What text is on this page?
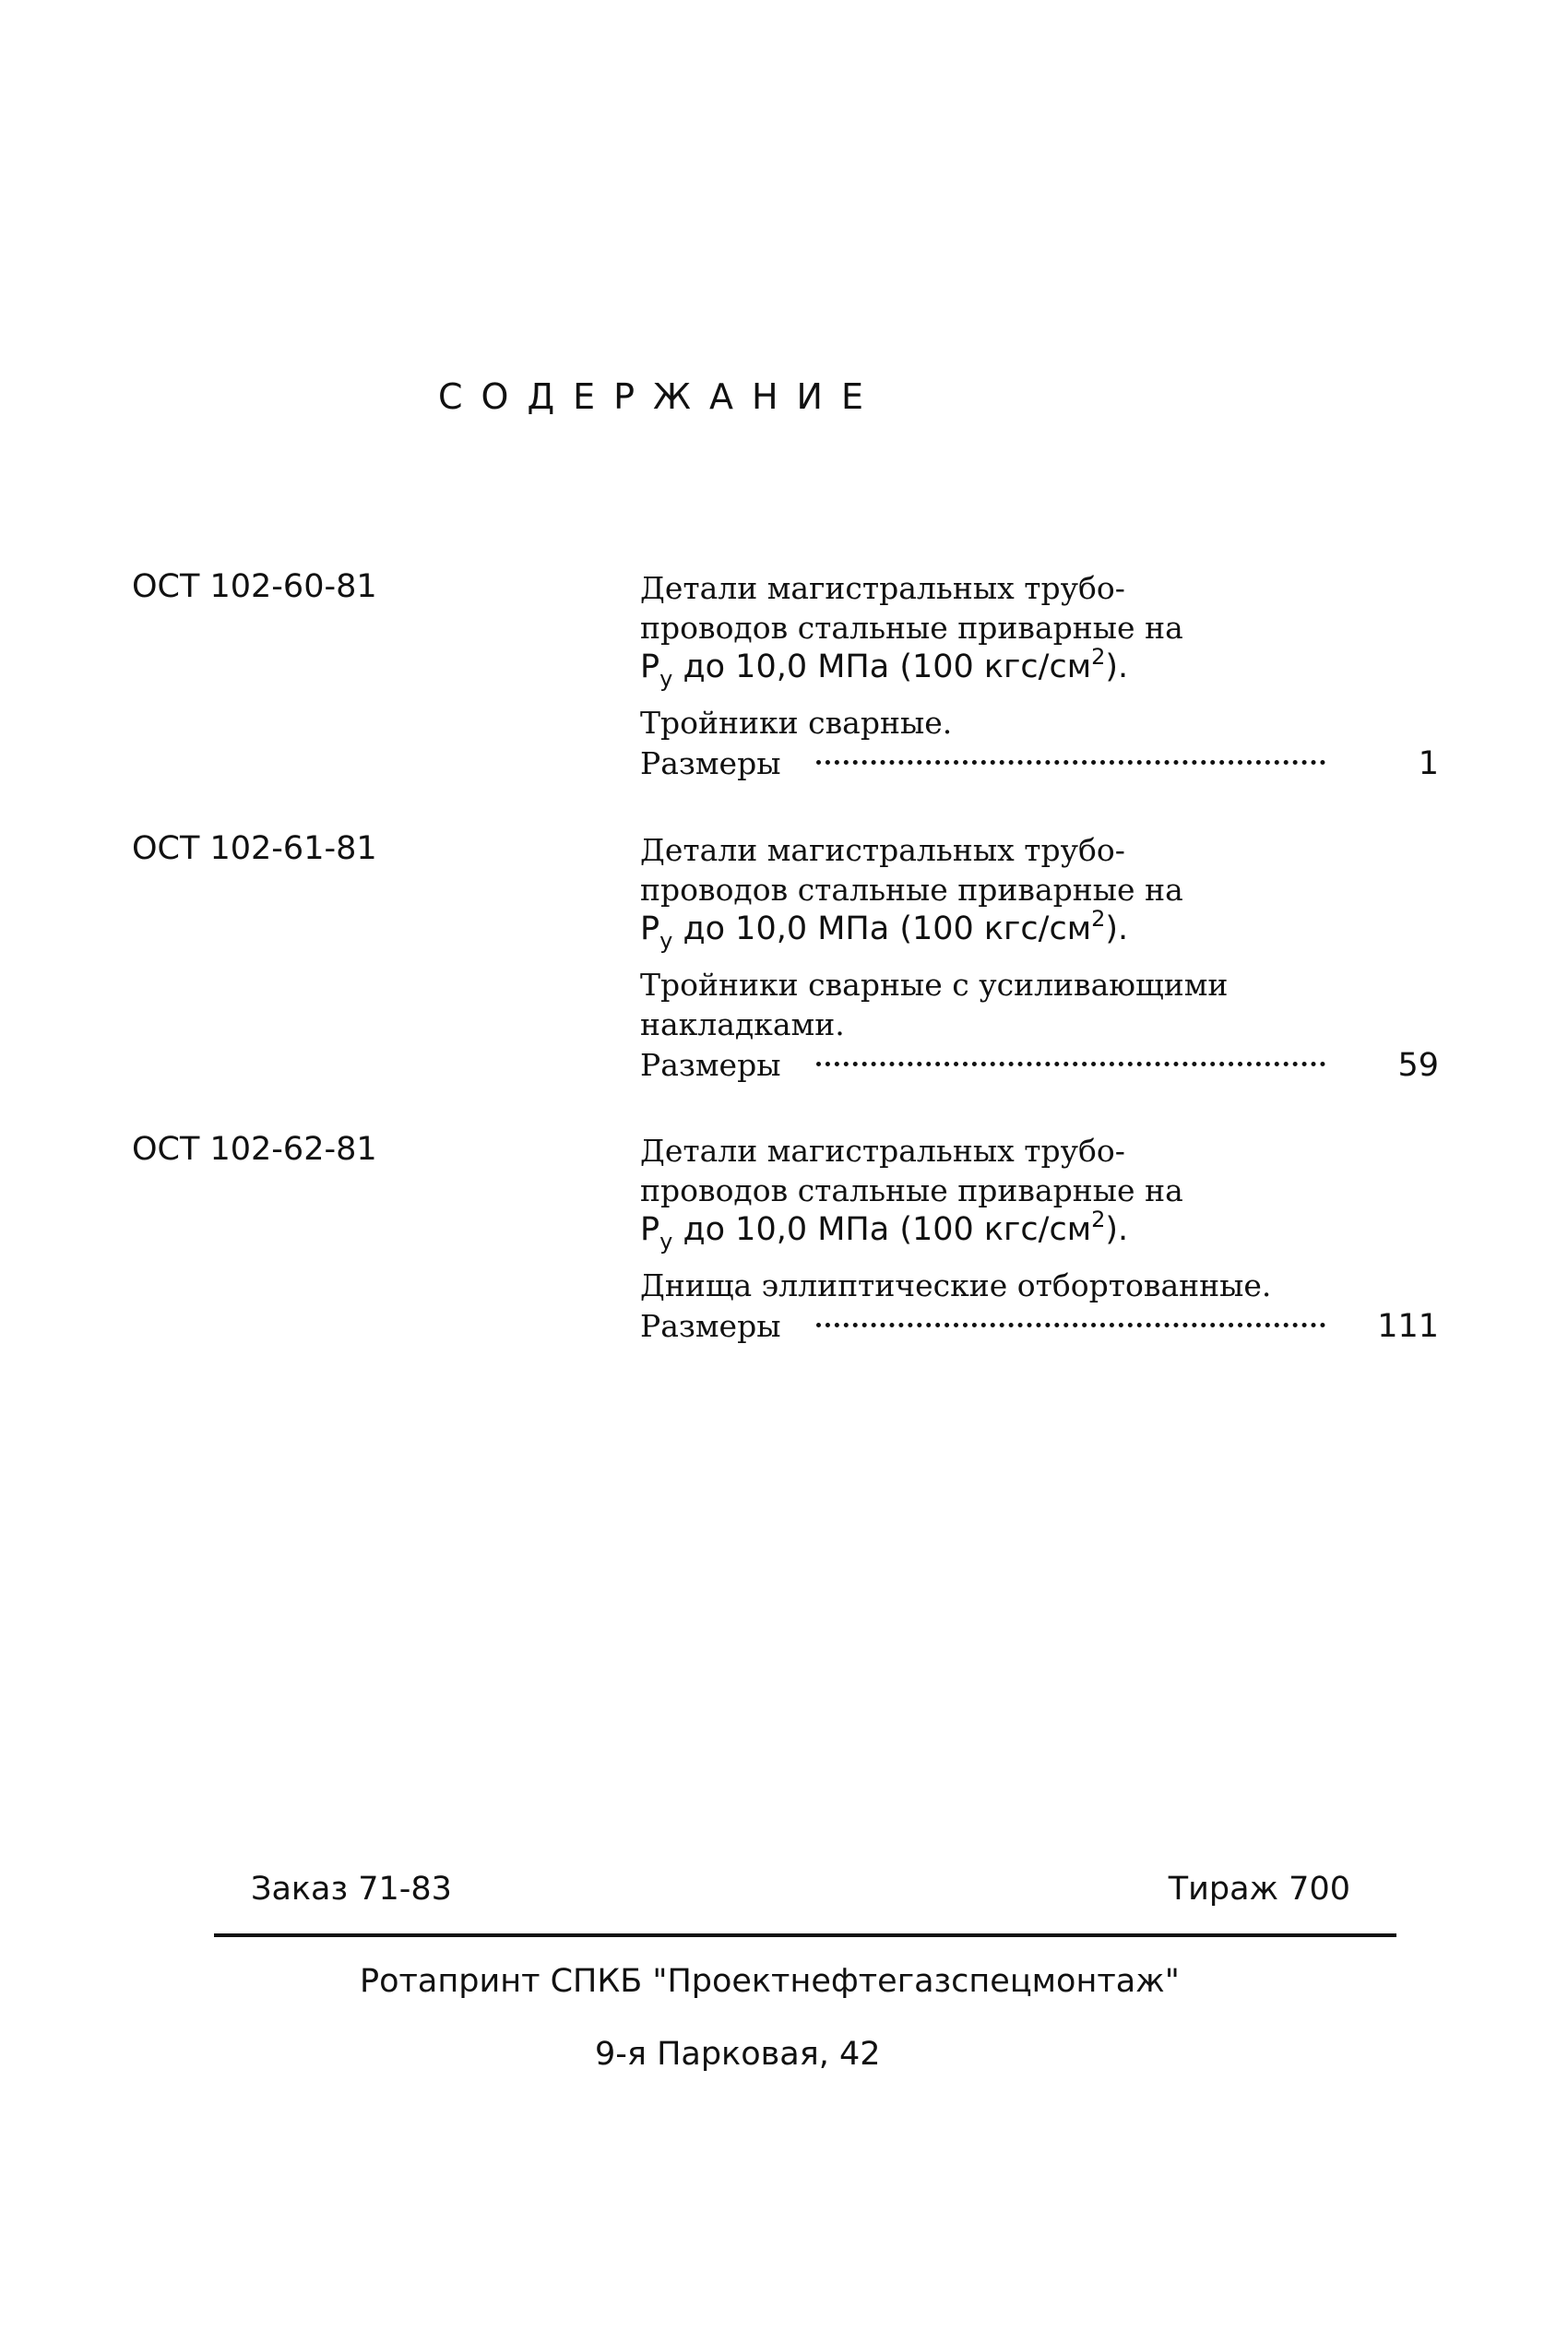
СОДЕРЖАНИЕ
ОСТ 102-60-81	Детали магистральных трубо-
проводов стальные приварные на
$P_у$ до 10,0 МПа (100 кгс/$см^2$).
Тройники сварные.
Размеры	1
ОСТ 102-61-81	Детали магистральных трубо-
проводов стальные приварные на
$P_у$ до 10,0 МПа (100 кгс/$см^2$).
Тройники сварные с усиливающими
накладками.
Размеры	59
ОСТ 102-62-81	Детали магистральных трубо-
проводов стальные приварные на
$P_у$ до 10,0 МПа (100 кгс/$см^2$).
Днища эллиптические отбортованные.
Размеры	111
Заказ 71-83	Тираж 700
Ротапринт СПКБ "Проектнефтегазспецмонтаж"
9-я Парковая, 42
